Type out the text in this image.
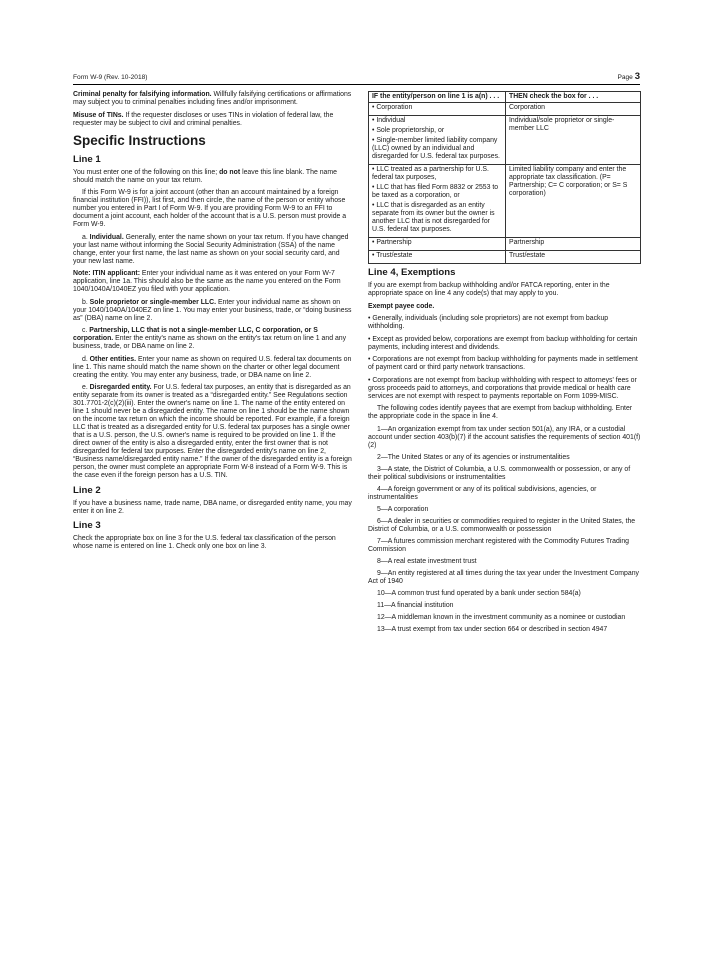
Form W-9 (Rev. 10-2018)	Page 3

Criminal penalty for falsifying information. Willfully falsifying certifications or affirmations may subject you to criminal penalties including fines and/or imprisonment.

Misuse of TINs. If the requester discloses or uses TINs in violation of federal law, the requester may be subject to civil and criminal penalties.

Specific Instructions
Line 1

You must enter one of the following on this line; do not leave this line blank. The name should match the name on your tax return.

If this Form W-9 is for a joint account (other than an account maintained by a foreign financial institution (FFI)), list first, and then circle, the name of the person or entity whose number you entered in Part I of Form W-9. If you are providing Form W-9 to an FFI to document a joint account, each holder of the account that is a U.S. person must provide a Form W-9.

a. Individual. Generally, enter the name shown on your tax return. If you have changed your last name without informing the Social Security Administration (SSA) of the name change, enter your first name, the last name as shown on your social security card, and your new last name.

Note: ITIN applicant: Enter your individual name as it was entered on your Form W-7 application, line 1a. This should also be the same as the name you entered on the Form 1040/1040A/1040EZ you filed with your application.

b. Sole proprietor or single-member LLC. Enter your individual name as shown on your 1040/1040A/1040EZ on line 1. You may enter your business, trade, or “doing business as” (DBA) name on line 2.

c. Partnership, LLC that is not a single-member LLC, C corporation, or S corporation. Enter the entity's name as shown on the entity's tax return on line 1 and any business, trade, or DBA name on line 2.

d. Other entities. Enter your name as shown on required U.S. federal tax documents on line 1. This name should match the name shown on the charter or other legal document creating the entity. You may enter any business, trade, or DBA name on line 2.

e. Disregarded entity. For U.S. federal tax purposes, an entity that is disregarded as an entity separate from its owner is treated as a “disregarded entity.” See Regulations section 301.7701-2(c)(2)(iii). Enter the owner's name on line 1. The name of the entity entered on line 1 should never be a disregarded entity. The name on line 1 should be the name shown on the income tax return on which the income should be reported. For example, if a foreign LLC that is treated as a disregarded entity for U.S. federal tax purposes has a single owner that is a U.S. person, the U.S. owner's name is required to be provided on line 1. If the direct owner of the entity is also a disregarded entity, enter the first owner that is not disregarded for federal tax purposes. Enter the disregarded entity's name on line 2, “Business name/disregarded entity name.” If the owner of the disregarded entity is a foreign person, the owner must complete an appropriate Form W-8 instead of a Form W-9. This is the case even if the foreign person has a U.S. TIN.

Line 2

If you have a business name, trade name, DBA name, or disregarded entity name, you may enter it on line 2.

Line 3

Check the appropriate box on line 3 for the U.S. federal tax classification of the person whose name is entered on line 1. Check only one box on line 3.

IF the entity/person on line 1 is a(n) . . .	THEN check the box for . . .

• Corporation	Corporation

• Individual
• Sole proprietorship, or
• Single-member limited liability company (LLC) owned by an individual and disregarded for U.S. federal tax purposes.	Individual/sole proprietor or single-member LLC

• LLC treated as a partnership for U.S. federal tax purposes,
• LLC that has filed Form 8832 or 2553 to be taxed as a corporation, or
• LLC that is disregarded as an entity separate from its owner but the owner is another LLC that is not disregarded for U.S. federal tax purposes.	Limited liability company and enter the appropriate tax classification. (P= Partnership; C= C corporation; or S= S corporation)

• Partnership	Partnership

• Trust/estate	Trust/estate
Line 4, Exemptions

If you are exempt from backup withholding and/or FATCA reporting, enter in the appropriate space on line 4 any code(s) that may apply to you.

Exempt payee code.

• Generally, individuals (including sole proprietors) are not exempt from backup withholding.

• Except as provided below, corporations are exempt from backup withholding for certain payments, including interest and dividends.

• Corporations are not exempt from backup withholding for payments made in settlement of payment card or third party network transactions.

• Corporations are not exempt from backup withholding with respect to attorneys' fees or gross proceeds paid to attorneys, and corporations that provide medical or health care services are not exempt with respect to payments reportable on Form 1099-MISC.

The following codes identify payees that are exempt from backup withholding. Enter the appropriate code in the space in line 4.

1—An organization exempt from tax under section 501(a), any IRA, or a custodial account under section 403(b)(7) if the account satisfies the requirements of section 401(f)(2)

2—The United States or any of its agencies or instrumentalities

3—A state, the District of Columbia, a U.S. commonwealth or possession, or any of their political subdivisions or instrumentalities

4—A foreign government or any of its political subdivisions, agencies, or instrumentalities

5—A corporation

6—A dealer in securities or commodities required to register in the United States, the District of Columbia, or a U.S. commonwealth or possession

7—A futures commission merchant registered with the Commodity Futures Trading Commission

8—A real estate investment trust

9—An entity registered at all times during the tax year under the Investment Company Act of 1940

10—A common trust fund operated by a bank under section 584(a)

11—A financial institution

12—A middleman known in the investment community as a nominee or custodian

13—A trust exempt from tax under section 664 or described in section 4947
